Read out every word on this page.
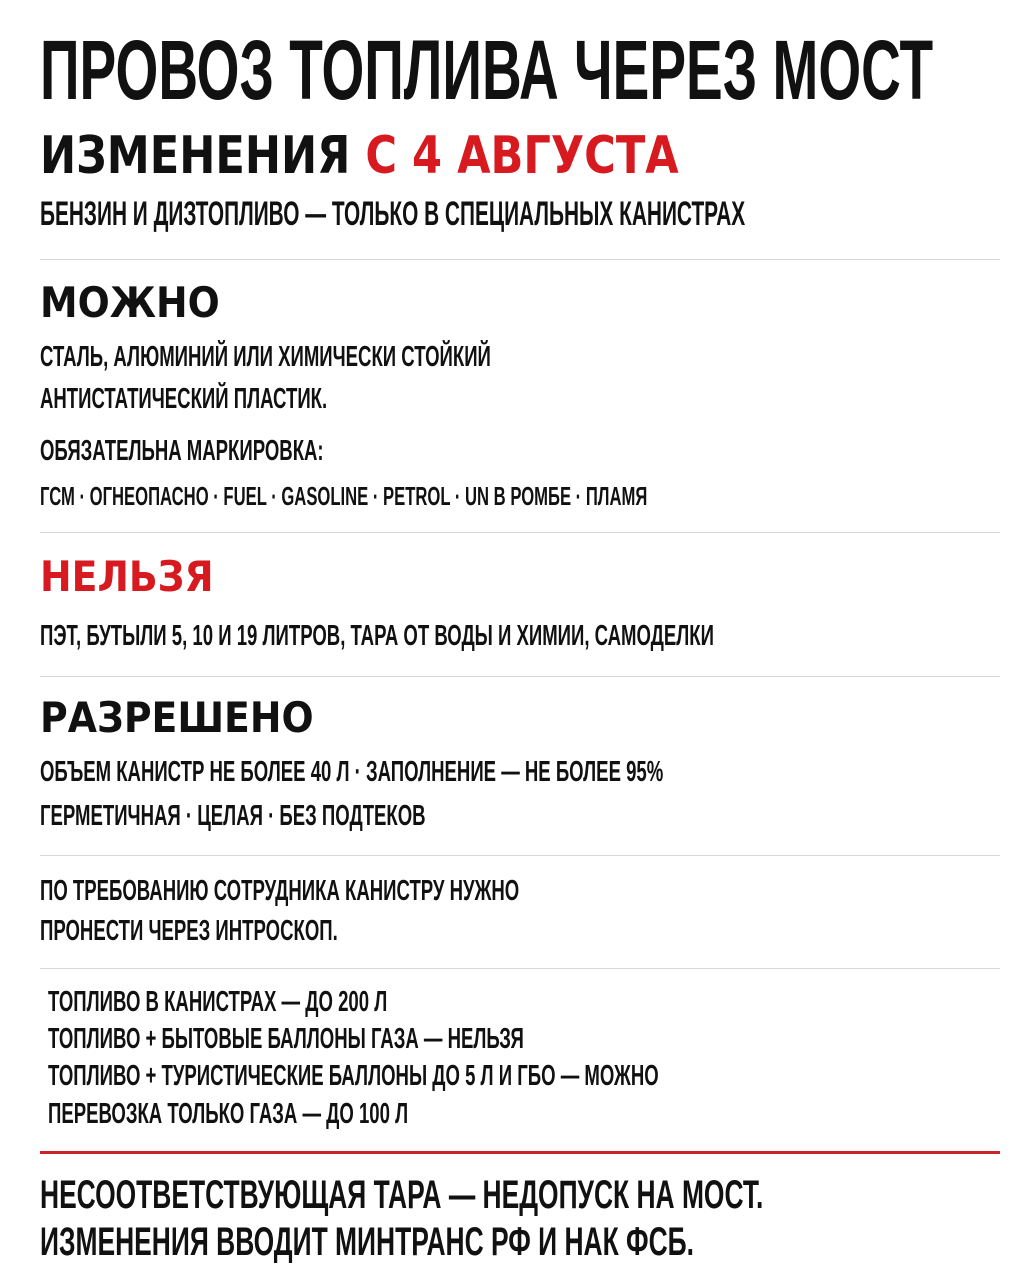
ПРОВОЗ ТОПЛИВА ЧЕРЕЗ МОСТ
ИЗМЕНЕНИЯ С 4 АВГУСТА
БЕНЗИН И ДИЗТОПЛИВО — ТОЛЬКО В СПЕЦИАЛЬНЫХ КАНИСТРАХ
МОЖНО
СТАЛЬ, АЛЮМИНИЙ ИЛИ ХИМИЧЕСКИ СТОЙКИЙ
АНТИСТАТИЧЕСКИЙ ПЛАСТИК.
ОБЯЗАТЕЛЬНА МАРКИРОВКА:
ГСМ · ОГНЕОПАСНО · FUEL · GASOLINE · PETROL · UN В РОМБЕ · ПЛАМЯ
НЕЛЬЗЯ
ПЭТ, БУТЫЛИ 5, 10 И 19 ЛИТРОВ, ТАРА ОТ ВОДЫ И ХИМИИ, САМОДЕЛКИ
РАЗРЕШЕНО
ОБЪЕМ КАНИСТР НЕ БОЛЕЕ 40 Л · ЗАПОЛНЕНИЕ — НЕ БОЛЕЕ 95%
ГЕРМЕТИЧНАЯ · ЦЕЛАЯ · БЕЗ ПОДТЕКОВ
ПО ТРЕБОВАНИЮ СОТРУДНИКА КАНИСТРУ НУЖНО
ПРОНЕСТИ ЧЕРЕЗ ИНТРОСКОП.
ТОПЛИВО В КАНИСТРАХ — ДО 200 Л
ТОПЛИВО + БЫТОВЫЕ БАЛЛОНЫ ГАЗА — НЕЛЬЗЯ
ТОПЛИВО + ТУРИСТИЧЕСКИЕ БАЛЛОНЫ ДО 5 Л И ГБО — МОЖНО
ПЕРЕВОЗКА ТОЛЬКО ГАЗА — ДО 100 Л
НЕСООТВЕТСТВУЮЩАЯ ТАРА — НЕДОПУСК НА МОСТ.
ИЗМЕНЕНИЯ ВВОДИТ МИНТРАНС РФ И НАК ФСБ.
